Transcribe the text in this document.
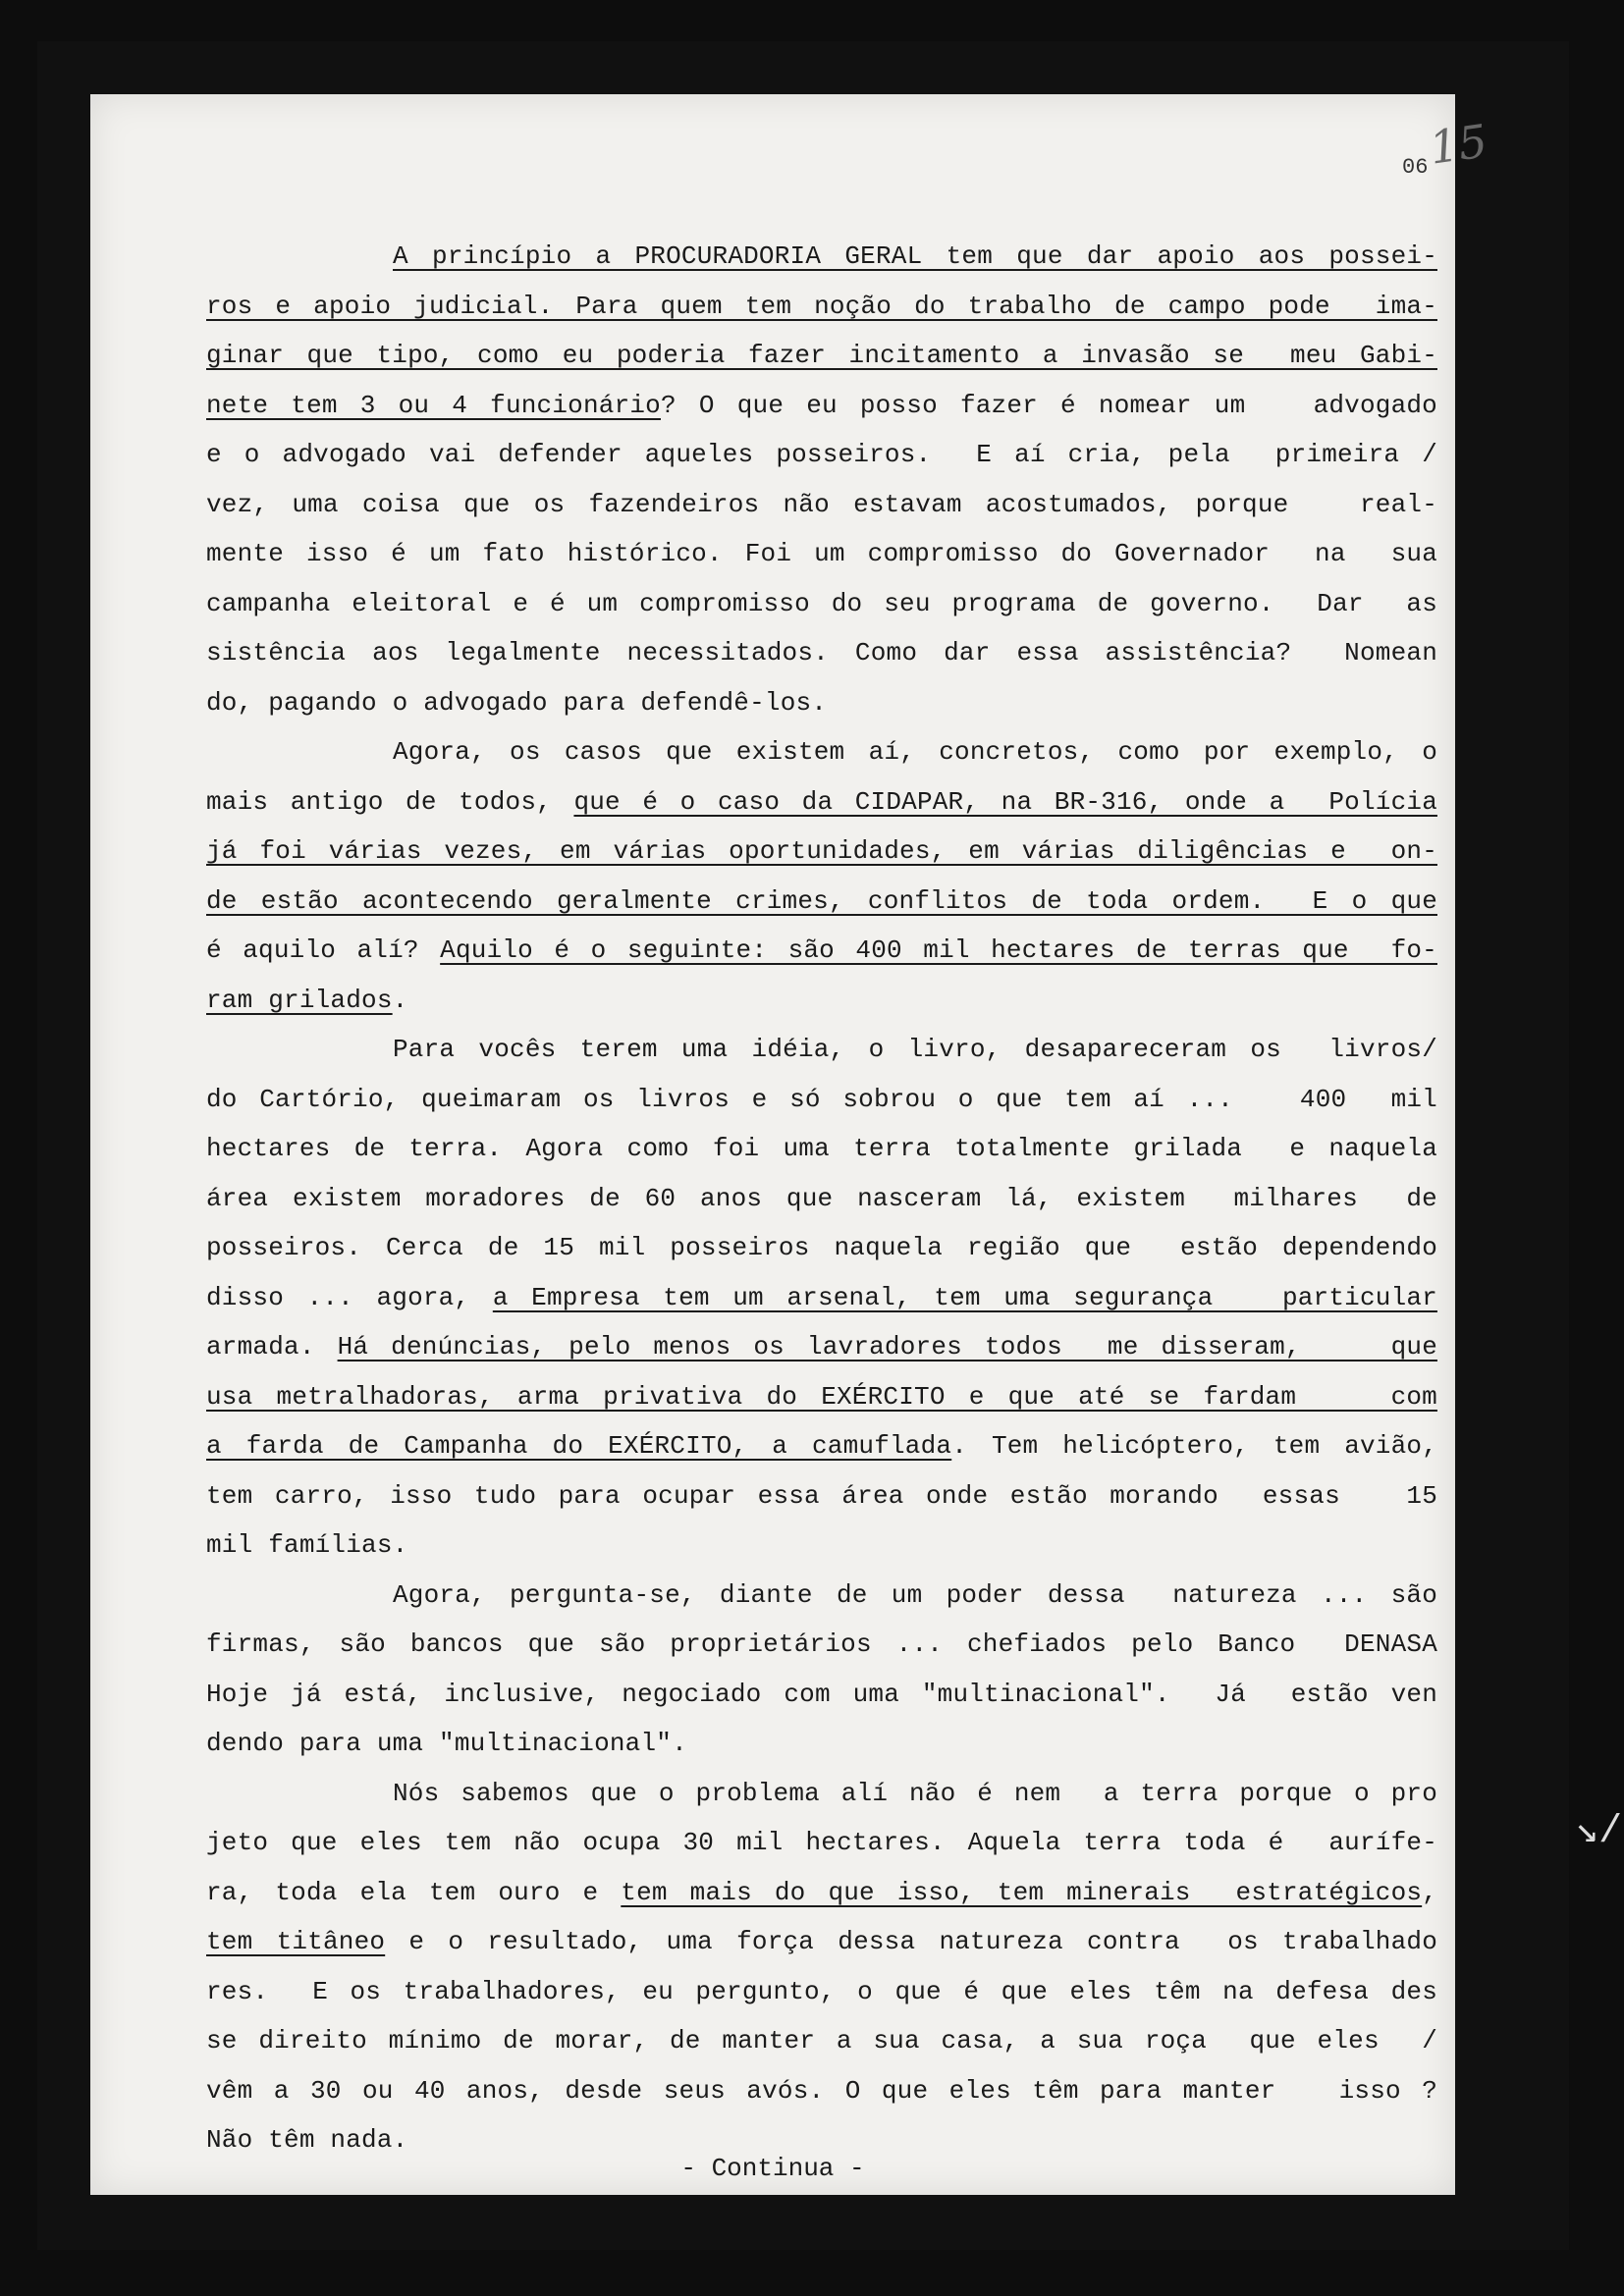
15
06
A princípio a PROCURADORIA GERAL tem que dar apoio aos possei-
ros e apoio judicial. Para quem tem noção do trabalho de campo pode  ima-
ginar que tipo, como eu poderia fazer incitamento a invasão se  meu Gabi-
nete tem 3 ou 4 funcionário? O que eu posso fazer é nomear um   advogado
e o advogado vai defender aqueles posseiros.  E aí cria, pela  primeira /
vez, uma coisa que os fazendeiros não estavam acostumados, porque   real-
mente isso é um fato histórico. Foi um compromisso do Governador  na  sua
campanha eleitoral e é um compromisso do seu programa de governo.  Dar  as
sistência aos legalmente necessitados. Como dar essa assistência?  Nomean
do, pagando o advogado para defendê-los.
Agora, os casos que existem aí, concretos, como por exemplo, o
mais antigo de todos, que é o caso da CIDAPAR, na BR-316, onde a  Polícia
já foi várias vezes, em várias oportunidades, em várias diligências e  on-
de estão acontecendo geralmente crimes, conflitos de toda ordem.  E o que
é aquilo alí? Aquilo é o seguinte: são 400 mil hectares de terras que  fo-
ram grilados.
Para vocês terem uma idéia, o livro, desapareceram os  livros/
do Cartório, queimaram os livros e só sobrou o que tem aí ...   400  mil
hectares de terra. Agora como foi uma terra totalmente grilada  e naquela
área existem moradores de 60 anos que nasceram lá, existem  milhares  de
posseiros. Cerca de 15 mil posseiros naquela região que  estão dependendo
disso ... agora, a Empresa tem um arsenal, tem uma segurança   particular
armada. Há denúncias, pelo menos os lavradores todos  me disseram,    que
usa metralhadoras, arma privativa do EXÉRCITO e que até se fardam    com
a farda de Campanha do EXÉRCITO, a camuflada. Tem helicóptero, tem avião,
tem carro, isso tudo para ocupar essa área onde estão morando  essas   15
mil famílias.
Agora, pergunta-se, diante de um poder dessa  natureza ... são
firmas, são bancos que são proprietários ... chefiados pelo Banco  DENASA
Hoje já está, inclusive, negociado com uma "multinacional".  Já  estão ven
dendo para uma "multinacional".
Nós sabemos que o problema alí não é nem  a terra porque o pro
jeto que eles tem não ocupa 30 mil hectares. Aquela terra toda é  aurífe-
ra, toda ela tem ouro e tem mais do que isso, tem minerais  estratégicos,
tem titâneo e o resultado, uma força dessa natureza contra  os trabalhado
res.  E os trabalhadores, eu pergunto, o que é que eles têm na defesa des
se direito mínimo de morar, de manter a sua casa, a sua roça  que eles  /
vêm a 30 ou 40 anos, desde seus avós. O que eles têm para manter   isso ?
Não têm nada.
- Continua -
↘/
